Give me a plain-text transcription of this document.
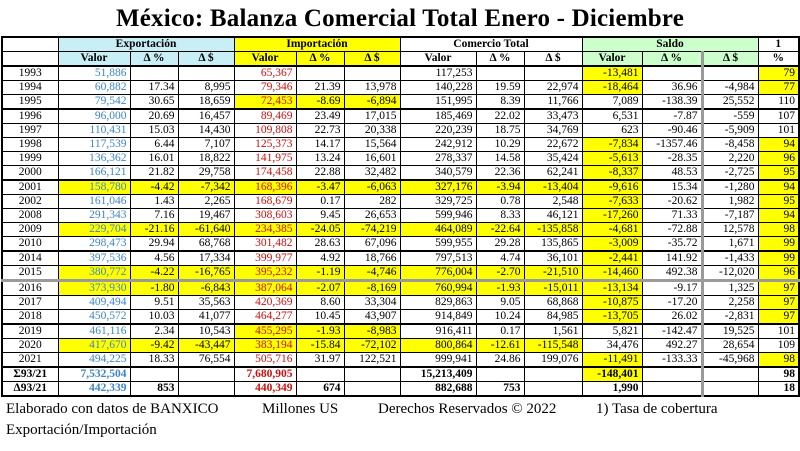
México: Balanza Comercial Total Enero - Diciembre
	Exportación			Importación			Comercio Total			Saldo			1
	Valor	Δ %	Δ $	Valor	Δ %	Δ $	Valor	Δ %	Δ $	Valor	Δ %	Δ $	%
1993	51,886			65,367			117,253			-13,481			79
1994	60,882	17.34	8,995	79,346	21.39	13,978	140,228	19.59	22,974	-18,464	36.96	-4,984	77
1995	79,542	30.65	18,659	72,453	-8.69	-6,894	151,995	8.39	11,766	7,089	-138.39	25,552	110
1996	96,000	20.69	16,457	89,469	23.49	17,015	185,469	22.02	33,473	6,531	-7.87	-559	107
1997	110,431	15.03	14,430	109,808	22.73	20,338	220,239	18.75	34,769	623	-90.46	-5,909	101
1998	117,539	6.44	7,107	125,373	14.17	15,564	242,912	10.29	22,672	-7,834	-1357.46	-8,458	94
1999	136,362	16.01	18,822	141,975	13.24	16,601	278,337	14.58	35,424	-5,613	-28.35	2,220	96
2000	166,121	21.82	29,758	174,458	22.88	32,482	340,579	22.36	62,241	-8,337	48.53	-2,725	95
2001	158,780	-4.42	-7,342	168,396	-3.47	-6,063	327,176	-3.94	-13,404	-9,616	15.34	-1,280	94
2002	161,046	1.43	2,265	168,679	0.17	282	329,725	0.78	2,548	-7,633	-20.62	1,982	95
2008	291,343	7.16	19,467	308,603	9.45	26,653	599,946	8.33	46,121	-17,260	71.33	-7,187	94
2009	229,704	-21.16	-61,640	234,385	-24.05	-74,219	464,089	-22.64	-135,858	-4,681	-72.88	12,578	98
2010	298,473	29.94	68,768	301,482	28.63	67,096	599,955	29.28	135,865	-3,009	-35.72	1,671	99
2014	397,536	4.56	17,334	399,977	4.92	18,766	797,513	4.74	36,101	-2,441	141.92	-1,433	99
2015	380,772	-4.22	-16,765	395,232	-1.19	-4,746	776,004	-2.70	-21,510	-14,460	492.38	-12,020	96
2016	373,930	-1.80	-6,843	387,064	-2.07	-8,169	760,994	-1.93	-15,011	-13,134	-9.17	1,325	97
2017	409,494	9.51	35,563	420,369	8.60	33,304	829,863	9.05	68,868	-10,875	-17.20	2,258	97
2018	450,572	10.03	41,077	464,277	10.45	43,907	914,849	10.24	84,985	-13,705	26.02	-2,831	97
2019	461,116	2.34	10,543	455,295	-1.93	-8,983	916,411	0.17	1,561	5,821	-142.47	19,525	101
2020	417,670	-9.42	-43,447	383,194	-15.84	-72,102	800,864	-12.61	-115,548	34,476	492.27	28,654	109
2021	494,225	18.33	76,554	505,716	31.97	122,521	999,941	24.86	199,076	-11,491	-133.33	-45,968	98
Σ93/21	7,532,504			7,680,905			15,213,409			-148,401			98
Δ93/21	442,339	853		440,349	674		882,688	753		1,990			18
Elaborado con datos de BANXICO	Millones US	Derechos Reservados © 2022	1) Tasa de cobertura
Exportación/Importación
